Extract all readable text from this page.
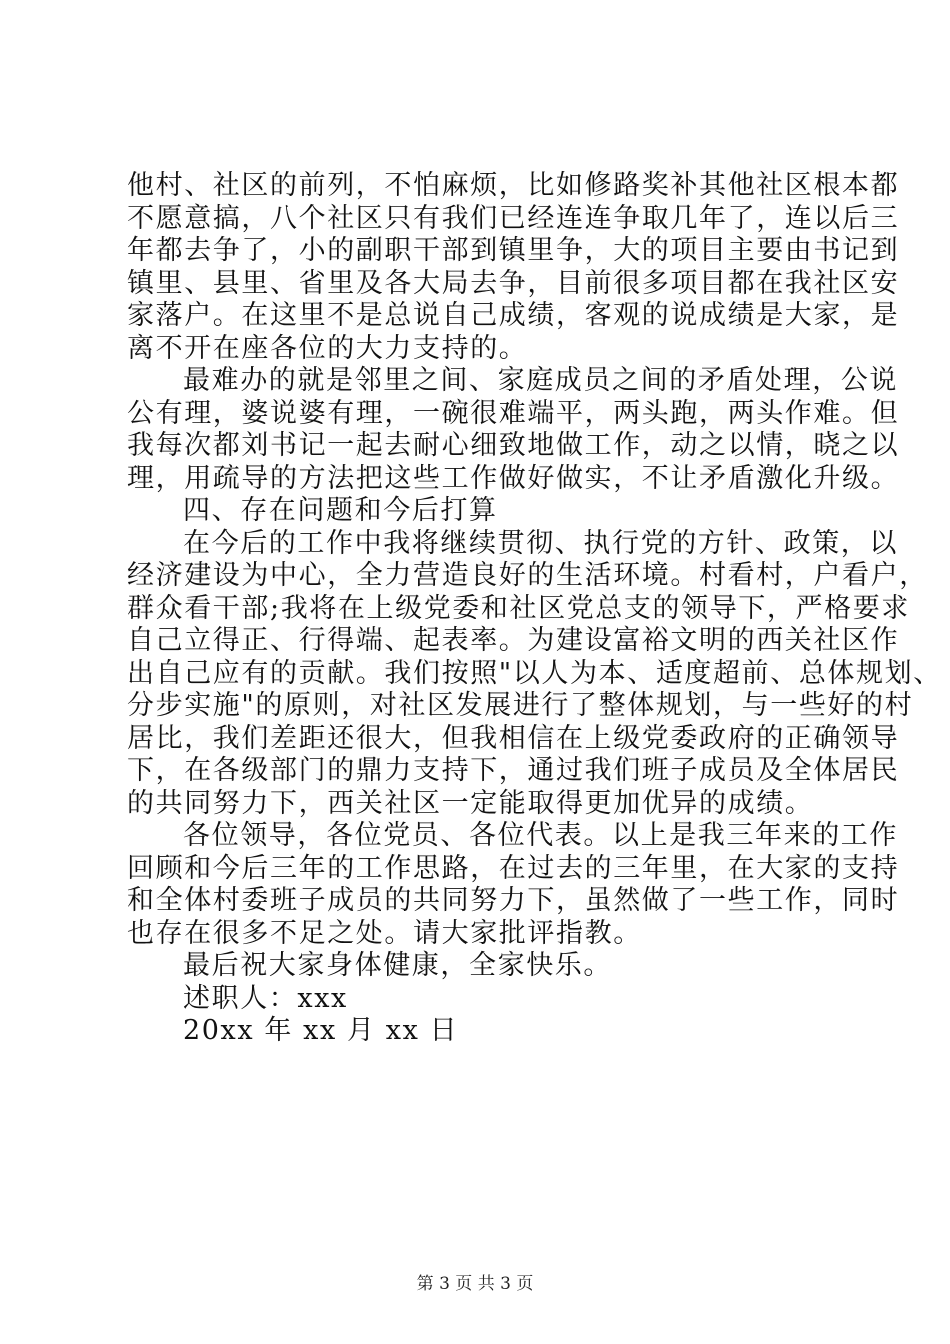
他村、社区的前列，不怕麻烦，比如修路奖补其他社区根本都
不愿意搞，八个社区只有我们已经连连争取几年了，连以后三
年都去争了，小的副职干部到镇里争，大的项目主要由书记到
镇里、县里、省里及各大局去争，目前很多项目都在我社区安
家落户。在这里不是总说自己成绩，客观的说成绩是大家，是
离不开在座各位的大力支持的。
最难办的就是邻里之间、家庭成员之间的矛盾处理，公说
公有理，婆说婆有理，一碗很难端平，两头跑，两头作难。但
我每次都刘书记一起去耐心细致地做工作，动之以情，晓之以
理，用疏导的方法把这些工作做好做实，不让矛盾激化升级。
四、存在问题和今后打算
在今后的工作中我将继续贯彻、执行党的方针、政策，以
经济建设为中心，全力营造良好的生活环境。村看村，户看户，
群众看干部;我将在上级党委和社区党总支的领导下，严格要求
自己立得正、行得端、起表率。为建设富裕文明的西关社区作
出自己应有的贡献。我们按照"以人为本、适度超前、总体规划、
分步实施"的原则，对社区发展进行了整体规划，与一些好的村
居比，我们差距还很大，但我相信在上级党委政府的正确领导
下，在各级部门的鼎力支持下，通过我们班子成员及全体居民
的共同努力下，西关社区一定能取得更加优异的成绩。
各位领导，各位党员、各位代表。以上是我三年来的工作
回顾和今后三年的工作思路，在过去的三年里，在大家的支持
和全体村委班子成员的共同努力下，虽然做了一些工作，同时
也存在很多不足之处。请大家批评指教。
最后祝大家身体健康，全家快乐。
述职人：xxx
20xx 年 xx 月 xx 日
第 3 页 共 3 页
